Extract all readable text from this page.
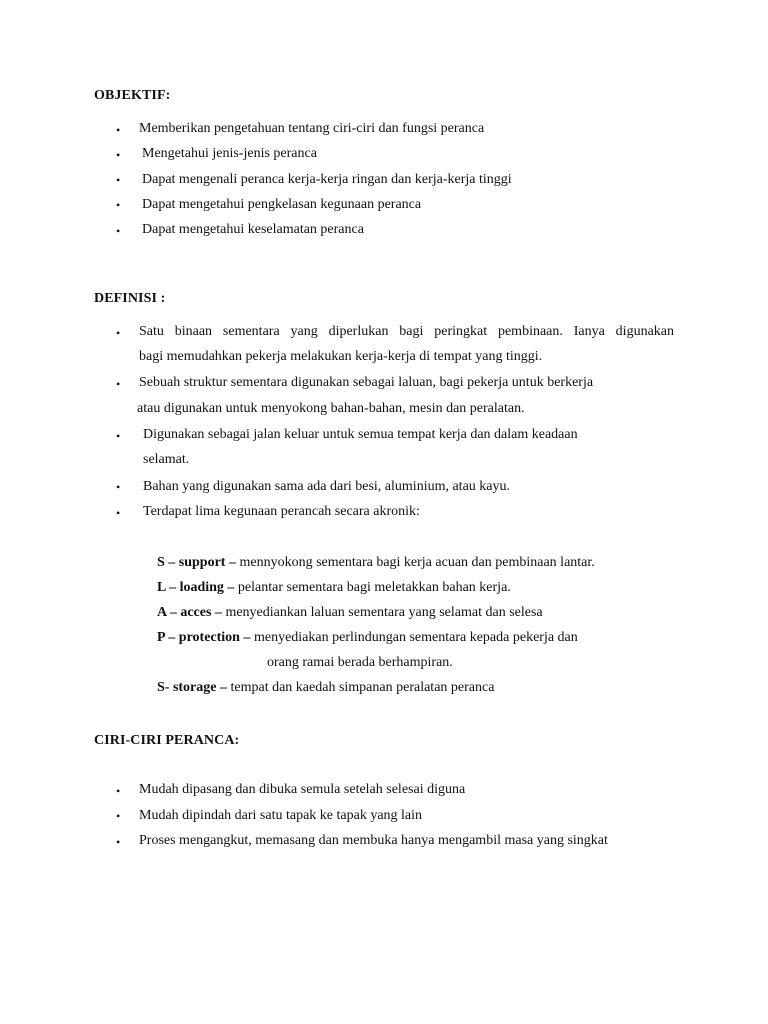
OBJEKTIF:
• Memberikan pengetahuan tentang ciri-ciri dan fungsi peranca
• Mengetahui jenis-jenis peranca
• Dapat mengenali peranca kerja-kerja ringan dan kerja-kerja tinggi
• Dapat mengetahui pengkelasan kegunaan peranca
• Dapat mengetahui keselamatan peranca
DEFINISI :
• Satu binaan sementara yang diperlukan bagi peringkat pembinaan. Ianya digunakan
bagi memudahkan pekerja melakukan kerja-kerja di tempat yang tinggi.
• Sebuah struktur sementara digunakan sebagai laluan, bagi pekerja untuk berkerja
atau digunakan untuk menyokong bahan-bahan, mesin dan peralatan.
• Digunakan sebagai jalan keluar untuk semua tempat kerja dan dalam keadaan
selamat.
• Bahan yang digunakan sama ada dari besi, aluminium, atau kayu.
• Terdapat lima kegunaan perancah secara akronik:
S – support – mennyokong sementara bagi kerja acuan dan pembinaan lantar.
L – loading – pelantar sementara bagi meletakkan bahan kerja.
A – acces – menyediankan laluan sementara yang selamat dan selesa
P – protection – menyediakan perlindungan sementara kepada pekerja dan
orang ramai berada berhampiran.
S- storage – tempat dan kaedah simpanan peralatan peranca
CIRI-CIRI PERANCA:
• Mudah dipasang dan dibuka semula setelah selesai diguna
• Mudah dipindah dari satu tapak ke tapak yang lain
• Proses mengangkut, memasang dan membuka hanya mengambil masa yang singkat
